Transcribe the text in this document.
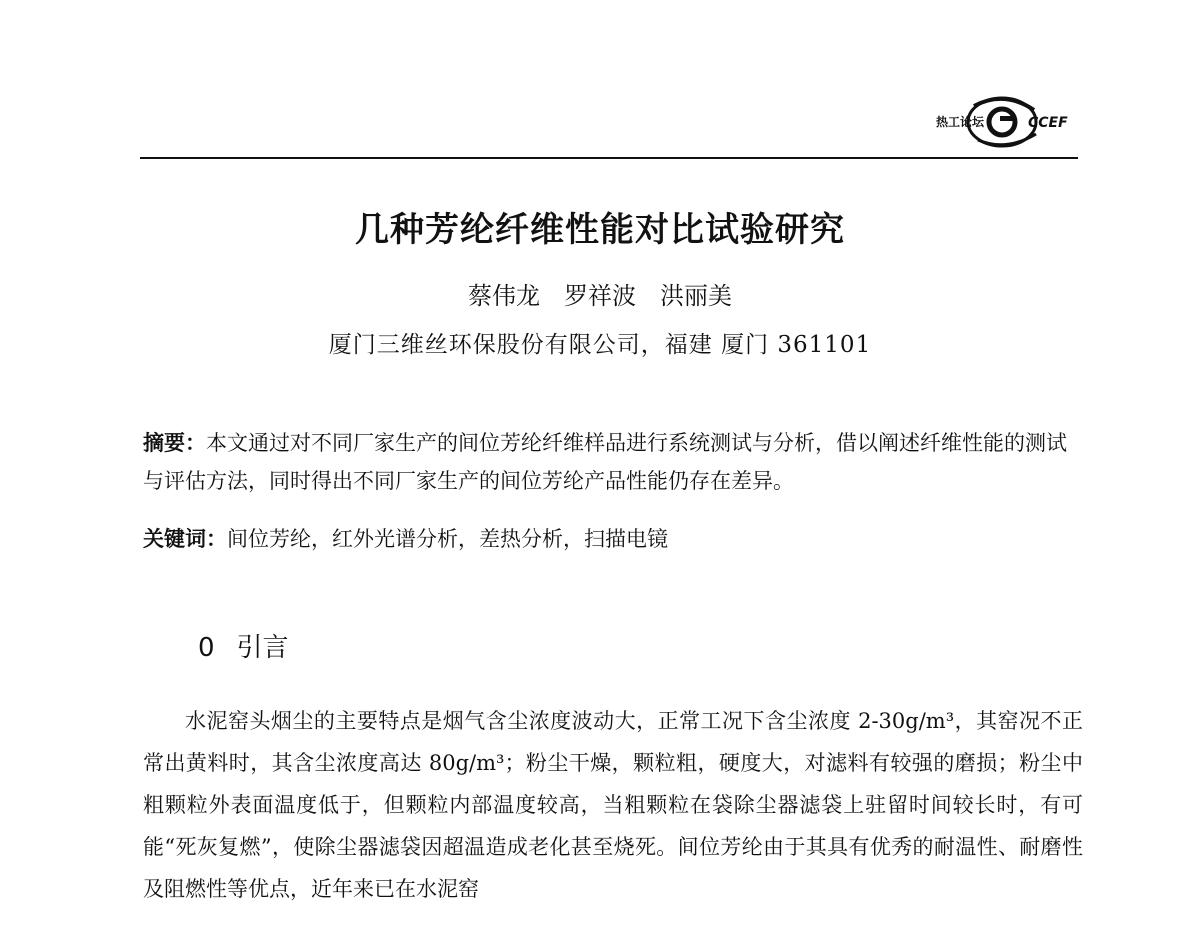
热工论坛	CCEF
几种芳纶纤维性能对比试验研究
蔡伟龙　罗祥波　洪丽美
厦门三维丝环保股份有限公司，福建 厦门 361101
摘要：本文通过对不同厂家生产的间位芳纶纤维样品进行系统测试与分析，借以阐述纤维性能的测试与评估方法，同时得出不同厂家生产的间位芳纶产品性能仍存在差异。
关键词：间位芳纶，红外光谱分析，差热分析，扫描电镜
0 引言
水泥窑头烟尘的主要特点是烟气含尘浓度波动大，正常工况下含尘浓度 2-30g/m³，其窑况不正常出黄料时，其含尘浓度高达 80g/m³；粉尘干燥，颗粒粗，硬度大，对滤料有较强的磨损；粉尘中粗颗粒外表面温度低于，但颗粒内部温度较高，当粗颗粒在袋除尘器滤袋上驻留时间较长时，有可能“死灰复燃”，使除尘器滤袋因超温造成老化甚至烧死。间位芳纶由于其具有优秀的耐温性、耐磨性及阻燃性等优点，近年来已在水泥窑
